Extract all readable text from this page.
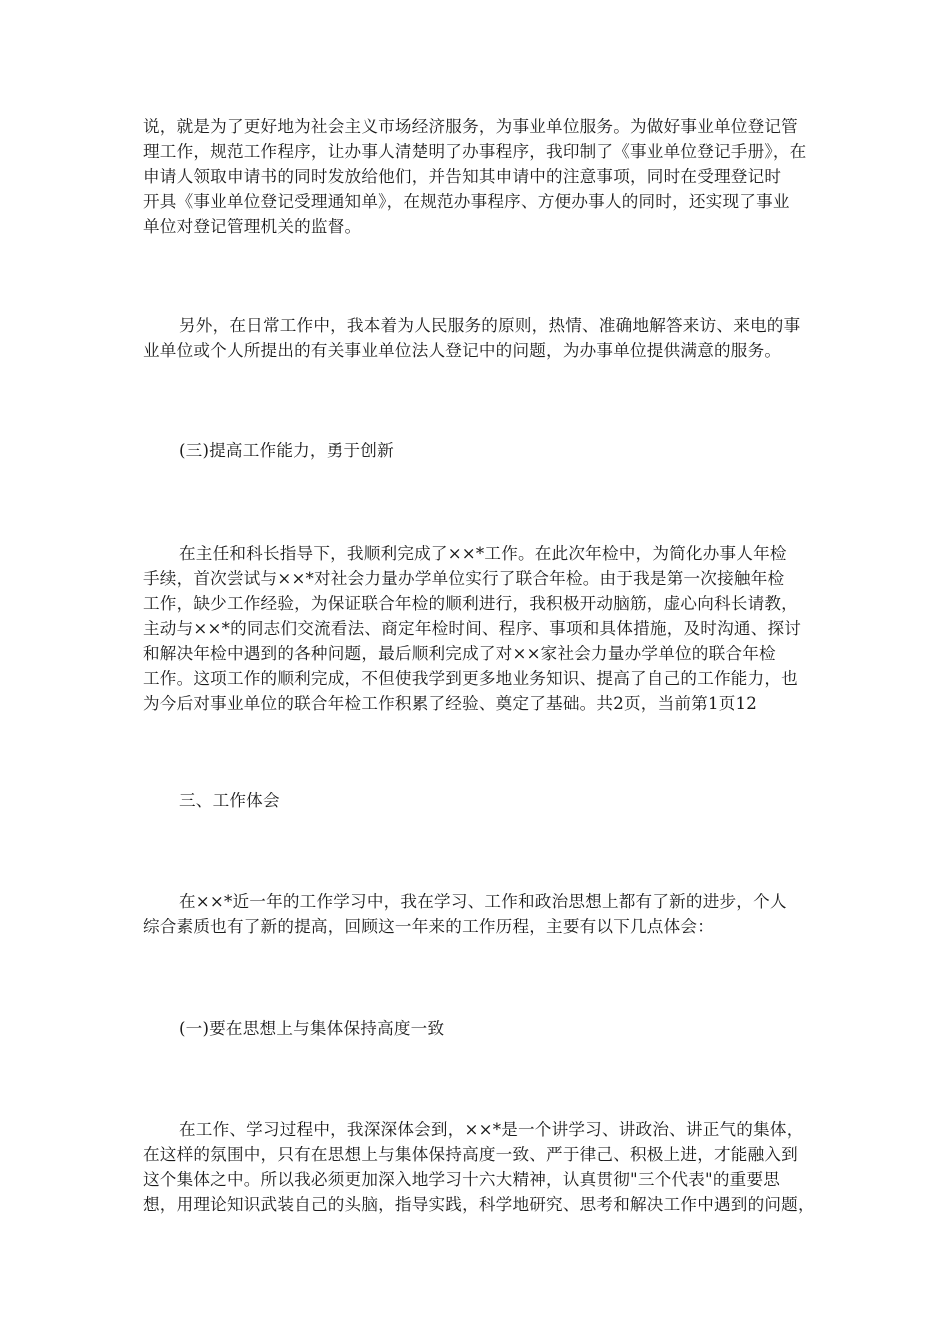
说，就是为了更好地为社会主义市场经济服务，为事业单位服务。为做好事业单位登记管
理工作，规范工作程序，让办事人清楚明了办事程序，我印制了《事业单位登记手册》，在
申请人领取申请书的同时发放给他们，并告知其申请中的注意事项，同时在受理登记时
开具《事业单位登记受理通知单》，在规范办事程序、方便办事人的同时，还实现了事业
单位对登记管理机关的监督。
另外，在日常工作中，我本着为人民服务的原则，热情、准确地解答来访、来电的事
业单位或个人所提出的有关事业单位法人登记中的问题，为办事单位提供满意的服务。
(三)提高工作能力，勇于创新
在主任和科长指导下，我顺利完成了××*工作。在此次年检中，为简化办事人年检
手续，首次尝试与××*对社会力量办学单位实行了联合年检。由于我是第一次接触年检
工作，缺少工作经验，为保证联合年检的顺利进行，我积极开动脑筋，虚心向科长请教，
主动与××*的同志们交流看法、商定年检时间、程序、事项和具体措施，及时沟通、探讨
和解决年检中遇到的各种问题，最后顺利完成了对××家社会力量办学单位的联合年检
工作。这项工作的顺利完成，不但使我学到更多地业务知识、提高了自己的工作能力，也
为今后对事业单位的联合年检工作积累了经验、奠定了基础。共2页，当前第1页12
三、工作体会
在××*近一年的工作学习中，我在学习、工作和政治思想上都有了新的进步，个人
综合素质也有了新的提高，回顾这一年来的工作历程，主要有以下几点体会：
(一)要在思想上与集体保持高度一致
在工作、学习过程中，我深深体会到，××*是一个讲学习、讲政治、讲正气的集体，
在这样的氛围中，只有在思想上与集体保持高度一致、严于律己、积极上进，才能融入到
这个集体之中。所以我必须更加深入地学习十六大精神，认真贯彻"三个代表"的重要思
想，用理论知识武装自己的头脑，指导实践，科学地研究、思考和解决工作中遇到的问题，
